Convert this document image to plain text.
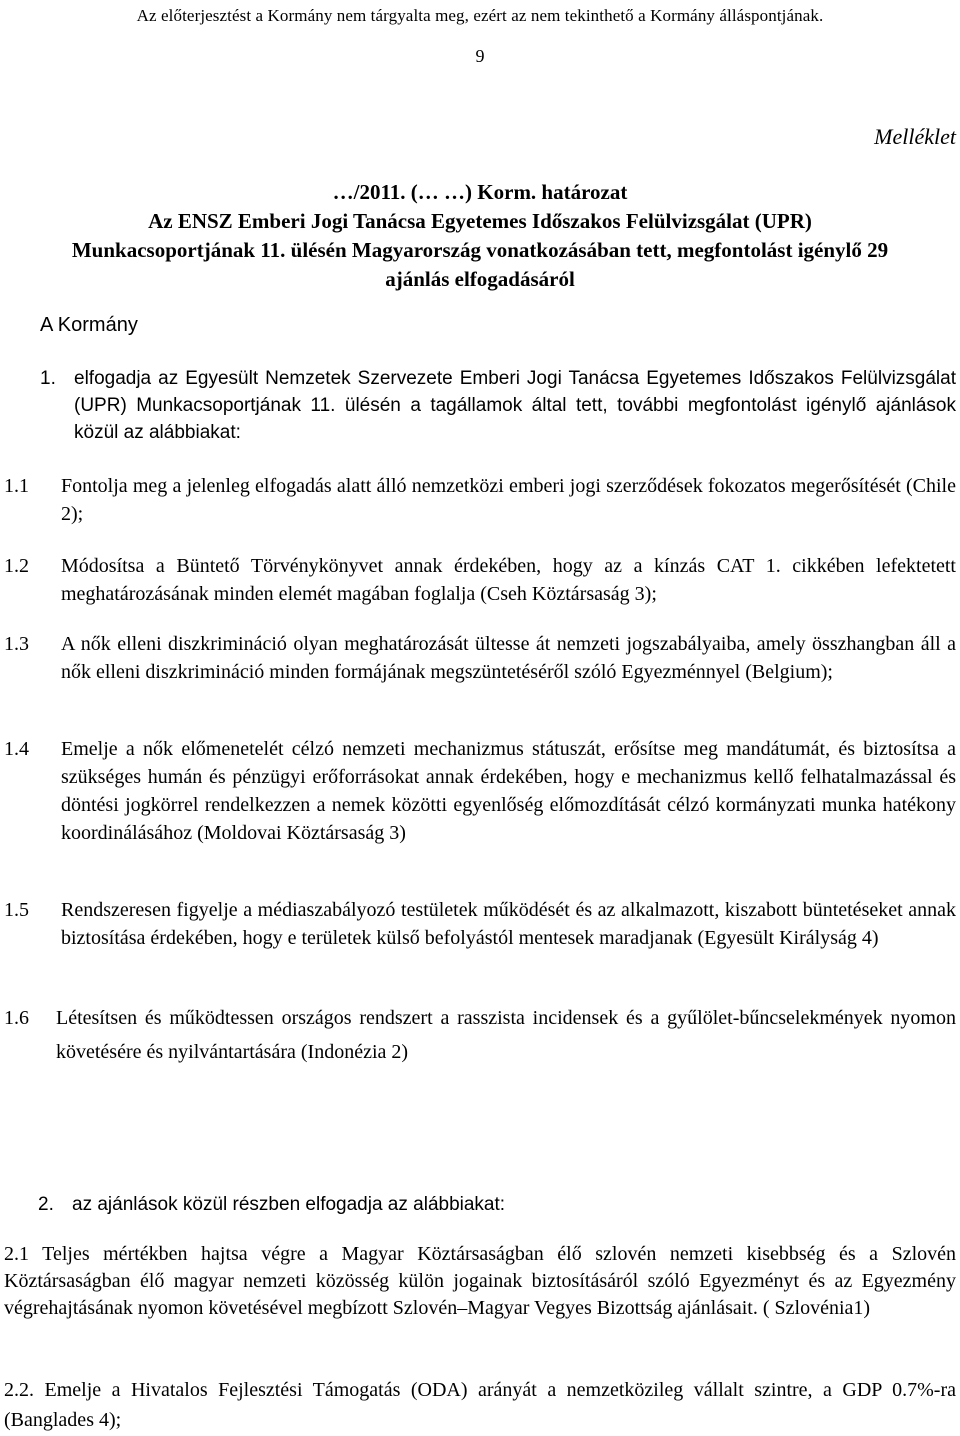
Az előterjesztést a Kormány nem tárgyalta meg, ezért az nem tekinthető a Kormány álláspontjának.
9
Melléklet
…/2011. (… …) Korm. határozat
Az ENSZ Emberi Jogi Tanácsa Egyetemes Időszakos Felülvizsgálat (UPR)
Munkacsoportjának 11. ülésén Magyarország vonatkozásában tett, megfontolást igénylő 29
ajánlás elfogadásáról
A Kormány
1. elfogadja az Egyesült Nemzetek Szervezete Emberi Jogi Tanácsa Egyetemes Időszakos Felülvizsgálat (UPR) Munkacsoportjának 11. ülésén a tagállamok által tett, további megfontolást igénylő ajánlások közül az alábbiakat:
1.1 Fontolja meg a jelenleg elfogadás alatt álló nemzetközi emberi jogi szerződések fokozatos megerősítését (Chile 2);
1.2 Módosítsa a Büntető Törvénykönyvet annak érdekében, hogy az a kínzás CAT 1. cikkében lefektetett meghatározásának minden elemét magában foglalja (Cseh Köztársaság 3);
1.3 A nők elleni diszkrimináció olyan meghatározását ültesse át nemzeti jogszabályaiba, amely összhangban áll a nők elleni diszkrimináció minden formájának megszüntetéséről szóló Egyezménnyel (Belgium);
1.4 Emelje a nők előmenetelét célzó nemzeti mechanizmus státuszát, erősítse meg mandátumát, és biztosítsa a szükséges humán és pénzügyi erőforrásokat annak érdekében, hogy e mechanizmus kellő felhatalmazással és döntési jogkörrel rendelkezzen a nemek közötti egyenlőség előmozdítását célzó kormányzati munka hatékony koordinálásához (Moldovai Köztársaság 3)
1.5 Rendszeresen figyelje a médiaszabályozó testületek működését és az alkalmazott, kiszabott büntetéseket annak biztosítása érdekében, hogy e területek külső befolyástól mentesek maradjanak (Egyesült Királyság 4)
1.6 Létesítsen és működtessen országos rendszert a rasszista incidensek és a gyűlölet-bűncselekmények nyomon követésére és nyilvántartására (Indonézia 2)
2. az ajánlások közül részben elfogadja az alábbiakat:
2.1 Teljes mértékben hajtsa végre a Magyar Köztársaságban élő szlovén nemzeti kisebbség és a Szlovén Köztársaságban élő magyar nemzeti közösség külön jogainak biztosításáról szóló Egyezményt és az Egyezmény végrehajtásának nyomon követésével megbízott Szlovén–Magyar Vegyes Bizottság ajánlásait. ( Szlovénia1)
2.2. Emelje a Hivatalos Fejlesztési Támogatás (ODA) arányát a nemzetközileg vállalt szintre, a GDP 0.7%-ra (Banglades 4);
